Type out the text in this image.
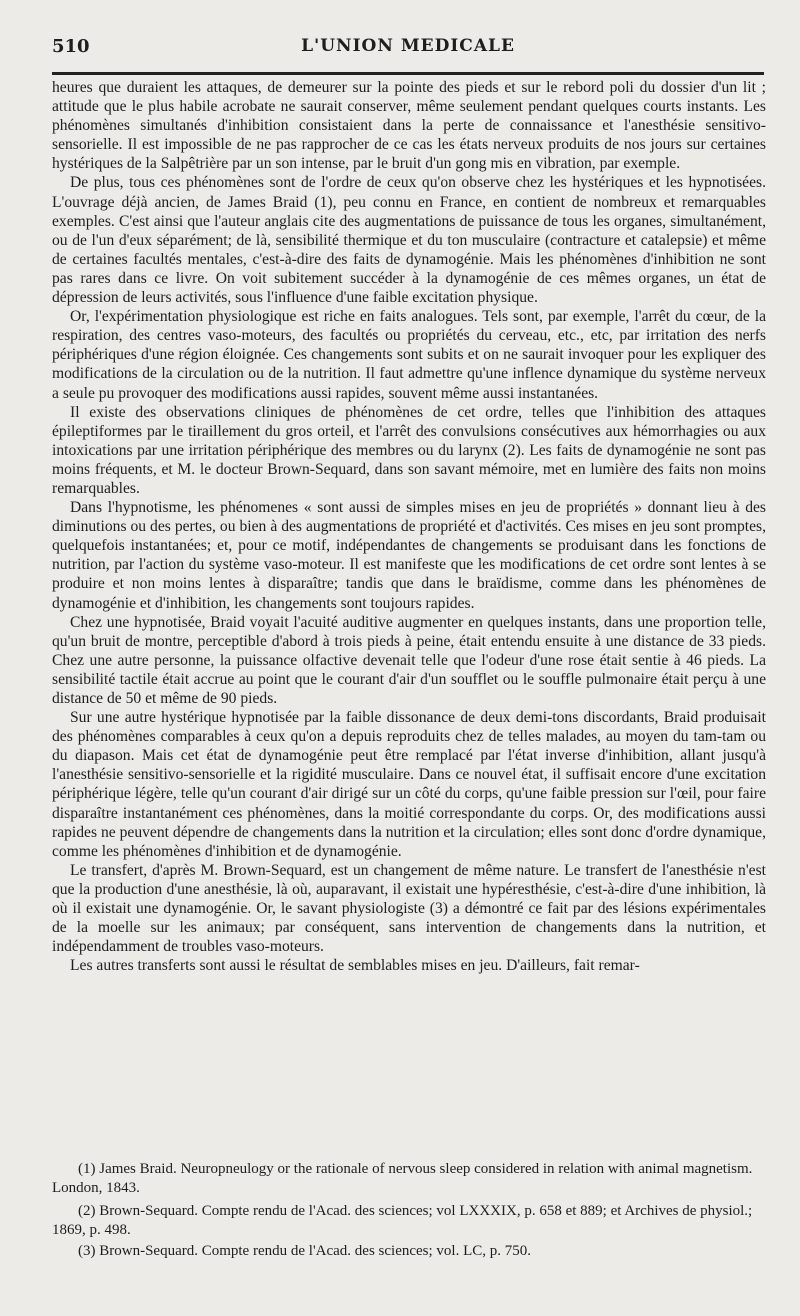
510	L'UNION MEDICALE

heures que duraient les attaques, de demeurer sur la pointe des pieds et sur le rebord poli du dossier d'un lit ; attitude que le plus habile acrobate ne saurait conserver, même seulement pendant quelques courts instants. Les phénomènes simultanés d'inhibition consistaient dans la perte de connaissance et l'anesthésie sensitivo-sensorielle. Il est impossible de ne pas rapprocher de ce cas les états nerveux produits de nos jours sur certaines hystériques de la Salpêtrière par un son intense, par le bruit d'un gong mis en vibration, par exemple.

De plus, tous ces phénomènes sont de l'ordre de ceux qu'on observe chez les hystériques et les hypnotisées. L'ouvrage déjà ancien, de James Braid (1), peu connu en France, en contient de nombreux et remarquables exemples. C'est ainsi que l'auteur anglais cite des augmentations de puissance de tous les organes, simultanément, ou de l'un d'eux séparément; de là, sensibilité thermique et du ton musculaire (contracture et catalepsie) et même de certaines facultés mentales, c'est-à-dire des faits de dynamogénie. Mais les phénomènes d'inhibition ne sont pas rares dans ce livre. On voit subitement succéder à la dynamogénie de ces mêmes organes, un état de dépression de leurs activités, sous l'influence d'une faible excitation physique.

Or, l'expérimentation physiologique est riche en faits analogues. Tels sont, par exemple, l'arrêt du cœur, de la respiration, des centres vaso-moteurs, des facultés ou propriétés du cerveau, etc., etc, par irritation des nerfs périphériques d'une région éloignée. Ces changements sont subits et on ne saurait invoquer pour les expliquer des modifications de la circulation ou de la nutrition. Il faut admettre qu'une inflence dynamique du système nerveux a seule pu provoquer des modifications aussi rapides, souvent même aussi instantanées.

Il existe des observations cliniques de phénomènes de cet ordre, telles que l'inhibition des attaques épileptiformes par le tiraillement du gros orteil, et l'arrêt des convulsions consécutives aux hémorrhagies ou aux intoxications par une irritation périphérique des membres ou du larynx (2). Les faits de dynamogénie ne sont pas moins fréquents, et M. le docteur Brown-Sequard, dans son savant mémoire, met en lumière des faits non moins remarquables.

Dans l'hypnotisme, les phénomenes « sont aussi de simples mises en jeu de propriétés » donnant lieu à des diminutions ou des pertes, ou bien à des augmentations de propriété et d'activités. Ces mises en jeu sont promptes, quelquefois instantanées; et, pour ce motif, indépendantes de changements se produisant dans les fonctions de nutrition, par l'action du système vaso-moteur. Il est manifeste que les modifications de cet ordre sont lentes à se produire et non moins lentes à disparaître; tandis que dans le braïdisme, comme dans les phénomènes de dynamogénie et d'inhibition, les changements sont toujours rapides.

Chez une hypnotisée, Braid voyait l'acuité auditive augmenter en quelques instants, dans une proportion telle, qu'un bruit de montre, perceptible d'abord à trois pieds à peine, était entendu ensuite à une distance de 33 pieds. Chez une autre personne, la puissance olfactive devenait telle que l'odeur d'une rose était sentie à 46 pieds. La sensibilité tactile était accrue au point que le courant d'air d'un soufflet ou le souffle pulmonaire était perçu à une distance de 50 et même de 90 pieds.

Sur une autre hystérique hypnotisée par la faible dissonance de deux demi-tons discordants, Braid produisait des phénomènes comparables à ceux qu'on a depuis reproduits chez de telles malades, au moyen du tam-tam ou du diapason. Mais cet état de dynamogénie peut être remplacé par l'état inverse d'inhibition, allant jusqu'à l'anesthésie sensitivo-sensorielle et la rigidité musculaire. Dans ce nouvel état, il suffisait encore d'une excitation périphérique légère, telle qu'un courant d'air dirigé sur un côté du corps, qu'une faible pression sur l'œil, pour faire disparaître instantanément ces phénomènes, dans la moitié correspondante du corps. Or, des modifications aussi rapides ne peuvent dépendre de changements dans la nutrition et la circulation; elles sont donc d'ordre dynamique, comme les phénomènes d'inhibition et de dynamogénie.

Le transfert, d'après M. Brown-Sequard, est un changement de même nature. Le transfert de l'anesthésie n'est que la production d'une anesthésie, là où, auparavant, il existait une hypéresthésie, c'est-à-dire d'une inhibition, là où il existait une dynamogénie. Or, le savant physiologiste (3) a démontré ce fait par des lésions expérimentales de la moelle sur les animaux; par conséquent, sans intervention de changements dans la nutrition, et indépendamment de troubles vaso-moteurs.

Les autres transferts sont aussi le résultat de semblables mises en jeu. D'ailleurs, fait remar-

(1) James Braid. Neuropneulogy or the rationale of nervous sleep considered in relation with animal magnetism. London, 1843.

(2) Brown-Sequard. Compte rendu de l'Acad. des sciences; vol LXXXIX, p. 658 et 889; et Archives de physiol.; 1869, p. 498.

(3) Brown-Sequard. Compte rendu de l'Acad. des sciences; vol. LC, p. 750.
